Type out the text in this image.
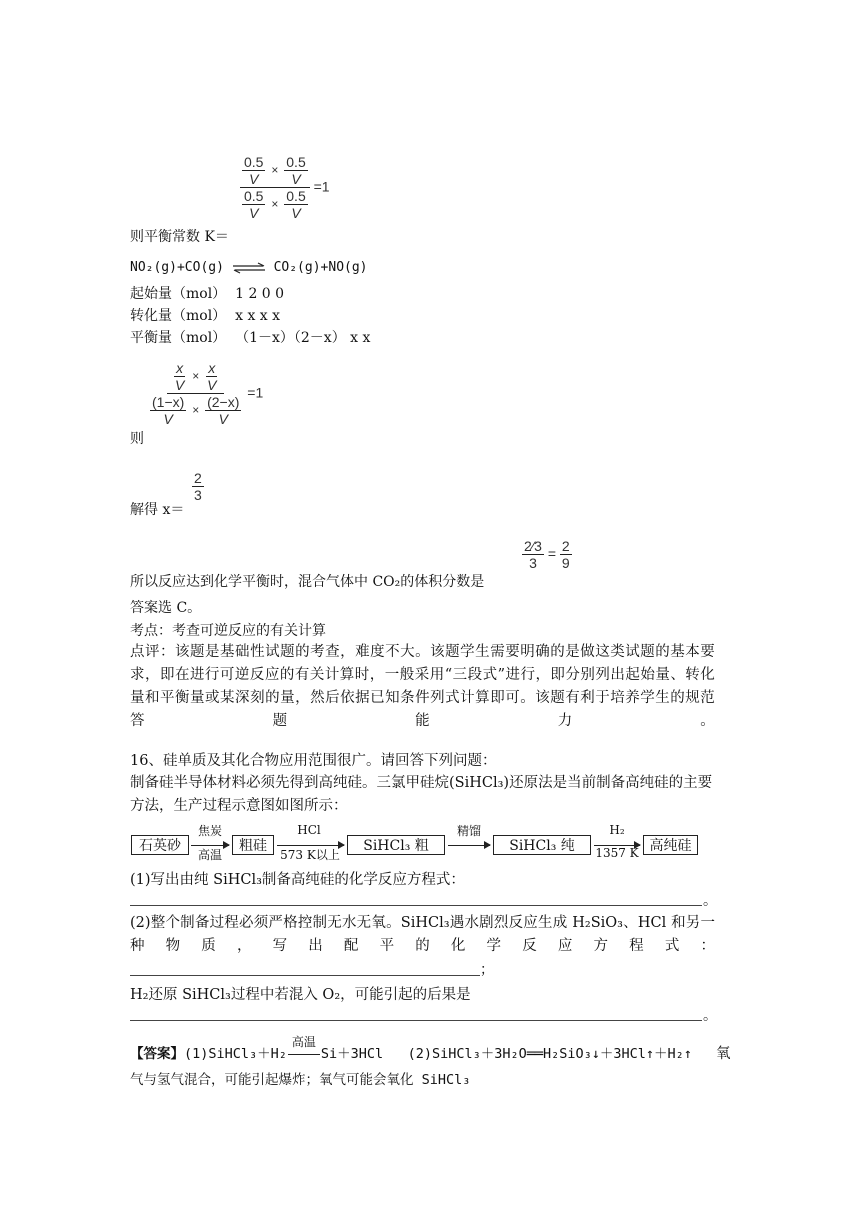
则平衡常数 K＝
$\frac{\frac{0.5}{V} \times \frac{0.5}{V}}{\frac{0.5}{V} \times \frac{0.5}{V}} =1$
NO₂(g)+CO(g) ⇌ CO₂(g)+NO(g)
起始量（mol） 1 2 0 0
转化量（mol） x x x x
平衡量（mol） （1－x）（2－x） x x
则
$\frac{\frac{x}{V} \times \frac{x}{V}}{\frac{(1-x)}{V} \times \frac{(2-x)}{V}} =1$
解得 x＝
$\frac{2}{3}$
所以反应达到化学平衡时，混合气体中 CO₂的体积分数是
$\frac{2⁄3}{3} = \frac{2}{9}$
答案选 C。
考点：考查可逆反应的有关计算
点评：该题是基础性试题的考查，难度不大。该题学生需要明确的是做这类试题的基本要求，即在进行可逆反应的有关计算时，一般采用“三段式”进行，即分别列出起始量、转化量和平衡量或某深刻的量，然后依据已知条件列式计算即可。该题有利于培养学生的规范答题能力。
16、硅单质及其化合物应用范围很广。请回答下列问题：
制备硅半导体材料必须先得到高纯硅。三氯甲硅烷(SiHCl₃)还原法是当前制备高纯硅的主要方法，生产过程示意图如图所示：
石英砂
焦炭
高温
粗硅
HCl
573 K以上
SiHCl₃ 粗
精馏
SiHCl₃ 纯
H₂
1357 K 高纯硅
(1)写出由纯 SiHCl₃制备高纯硅的化学反应方程式：
。
(2)整个制备过程必须严格控制无水无氧。SiHCl₃遇水剧烈反应生成 H₂SiO₃、HCl 和另一种物质，写出配平的化学反应方程式：
；
H₂还原 SiHCl₃过程中若混入 O₂，可能引起的后果是
。
【答案】(1)SiHCl₃＋H₂
高温
Si＋3HCl (2)SiHCl₃＋3H₂O══H₂SiO₃↓＋3HCl↑＋H₂↑ 氧
气与氢气混合，可能引起爆炸；氧气可能会氧化 SiHCl₃
